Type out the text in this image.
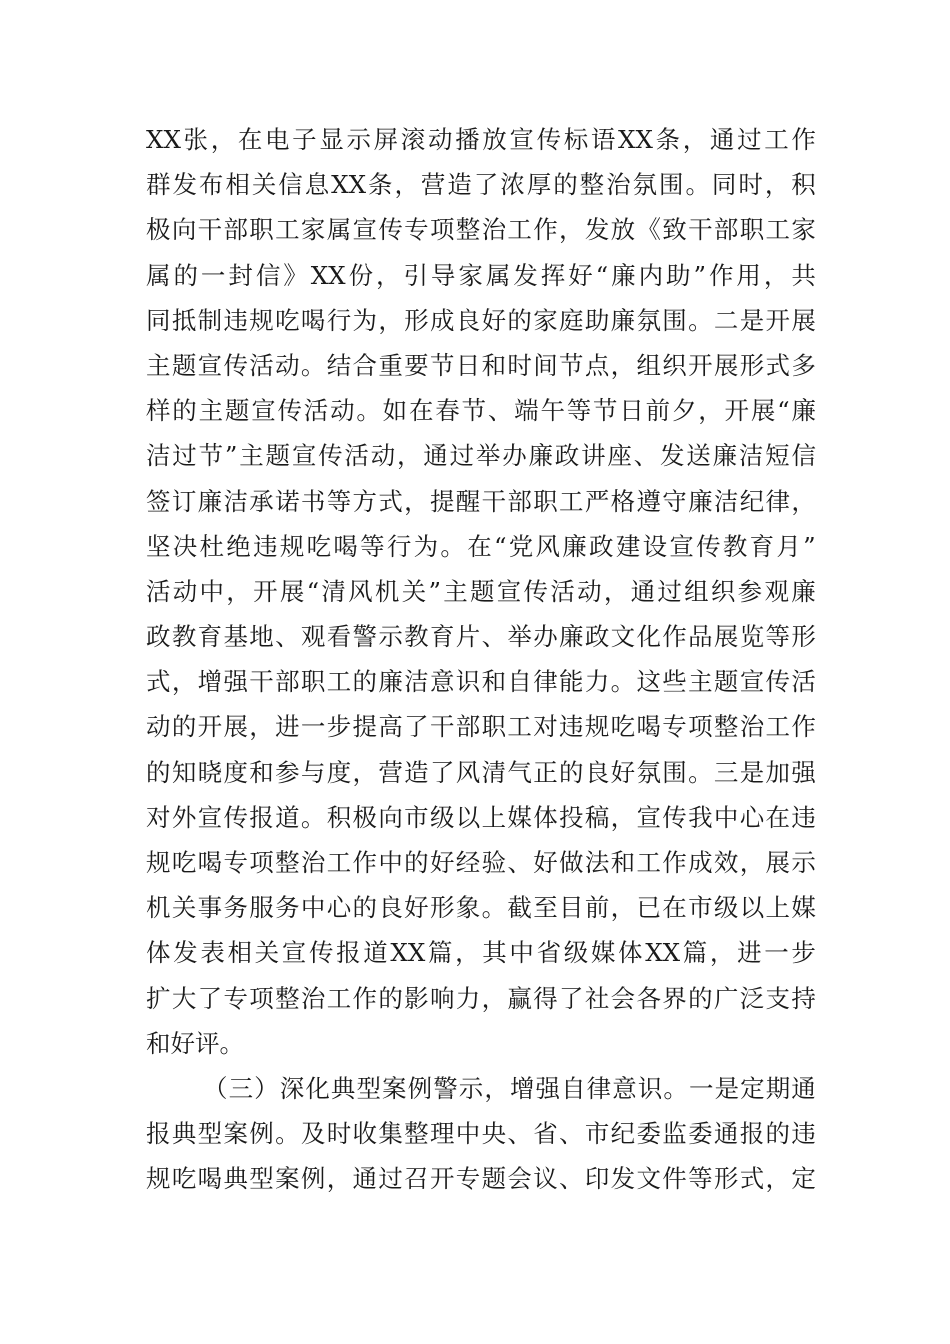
XX 张 ， 在 电 子 显 示 屏 滚 动 播 放 宣 传 标 语 XX 条 ， 通 过 工 作
群 发 布 相 关 信 息 XX 条 ， 营 造 了 浓 厚 的 整 治 氛 围 。 同 时 ， 积
极 向 干 部 职 工 家 属 宣 传 专 项 整 治 工 作 ， 发 放 《 致 干 部 职 工 家
属 的 一 封 信 》 XX 份 ， 引 导 家 属 发 挥 好 “ 廉 内 助 ” 作 用 ， 共
同 抵 制 违 规 吃 喝 行 为 ， 形 成 良 好 的 家 庭 助 廉 氛 围 。 二 是 开 展
主 题 宣 传 活 动 。 结 合 重 要 节 日 和 时 间 节 点 ， 组 织 开 展 形 式 多
样 的 主 题 宣 传 活 动 。 如 在 春 节 、 端 午 等 节 日 前 夕 ， 开 展 “ 廉
洁 过 节 ” 主 题 宣 传 活 动 ， 通 过 举 办 廉 政 讲 座 、 发 送 廉 洁 短 信
签 订 廉 洁 承 诺 书 等 方 式 ， 提 醒 干 部 职 工 严 格 遵 守 廉 洁 纪 律 ，
坚 决 杜 绝 违 规 吃 喝 等 行 为 。 在 “ 党 风 廉 政 建 设 宣 传 教 育 月 ”
活 动 中 ， 开 展 “ 清 风 机 关 ” 主 题 宣 传 活 动 ， 通 过 组 织 参 观 廉
政 教 育 基 地 、 观 看 警 示 教 育 片 、 举 办 廉 政 文 化 作 品 展 览 等 形
式 ， 增 强 干 部 职 工 的 廉 洁 意 识 和 自 律 能 力 。 这 些 主 题 宣 传 活
动 的 开 展 ， 进 一 步 提 高 了 干 部 职 工 对 违 规 吃 喝 专 项 整 治 工 作
的 知 晓 度 和 参 与 度 ， 营 造 了 风 清 气 正 的 良 好 氛 围 。 三 是 加 强
对 外 宣 传 报 道 。 积 极 向 市 级 以 上 媒 体 投 稿 ， 宣 传 我 中 心 在 违
规 吃 喝 专 项 整 治 工 作 中 的 好 经 验 、 好 做 法 和 工 作 成 效 ， 展 示
机 关 事 务 服 务 中 心 的 良 好 形 象 。 截 至 目 前 ， 已 在 市 级 以 上 媒
体 发 表 相 关 宣 传 报 道 XX 篇 ， 其 中 省 级 媒 体 XX 篇 ， 进 一 步
扩 大 了 专 项 整 治 工 作 的 影 响 力 ， 赢 得 了 社 会 各 界 的 广 泛 支 持
和好评。
（ 三 ） 深 化 典 型 案 例 警 示 ， 增 强 自 律 意 识 。 一 是 定 期 通
报 典 型 案 例 。 及 时 收 集 整 理 中 央 、 省 、 市 纪 委 监 委 通 报 的 违
规 吃 喝 典 型 案 例 ， 通 过 召 开 专 题 会 议 、 印 发 文 件 等 形 式 ， 定
